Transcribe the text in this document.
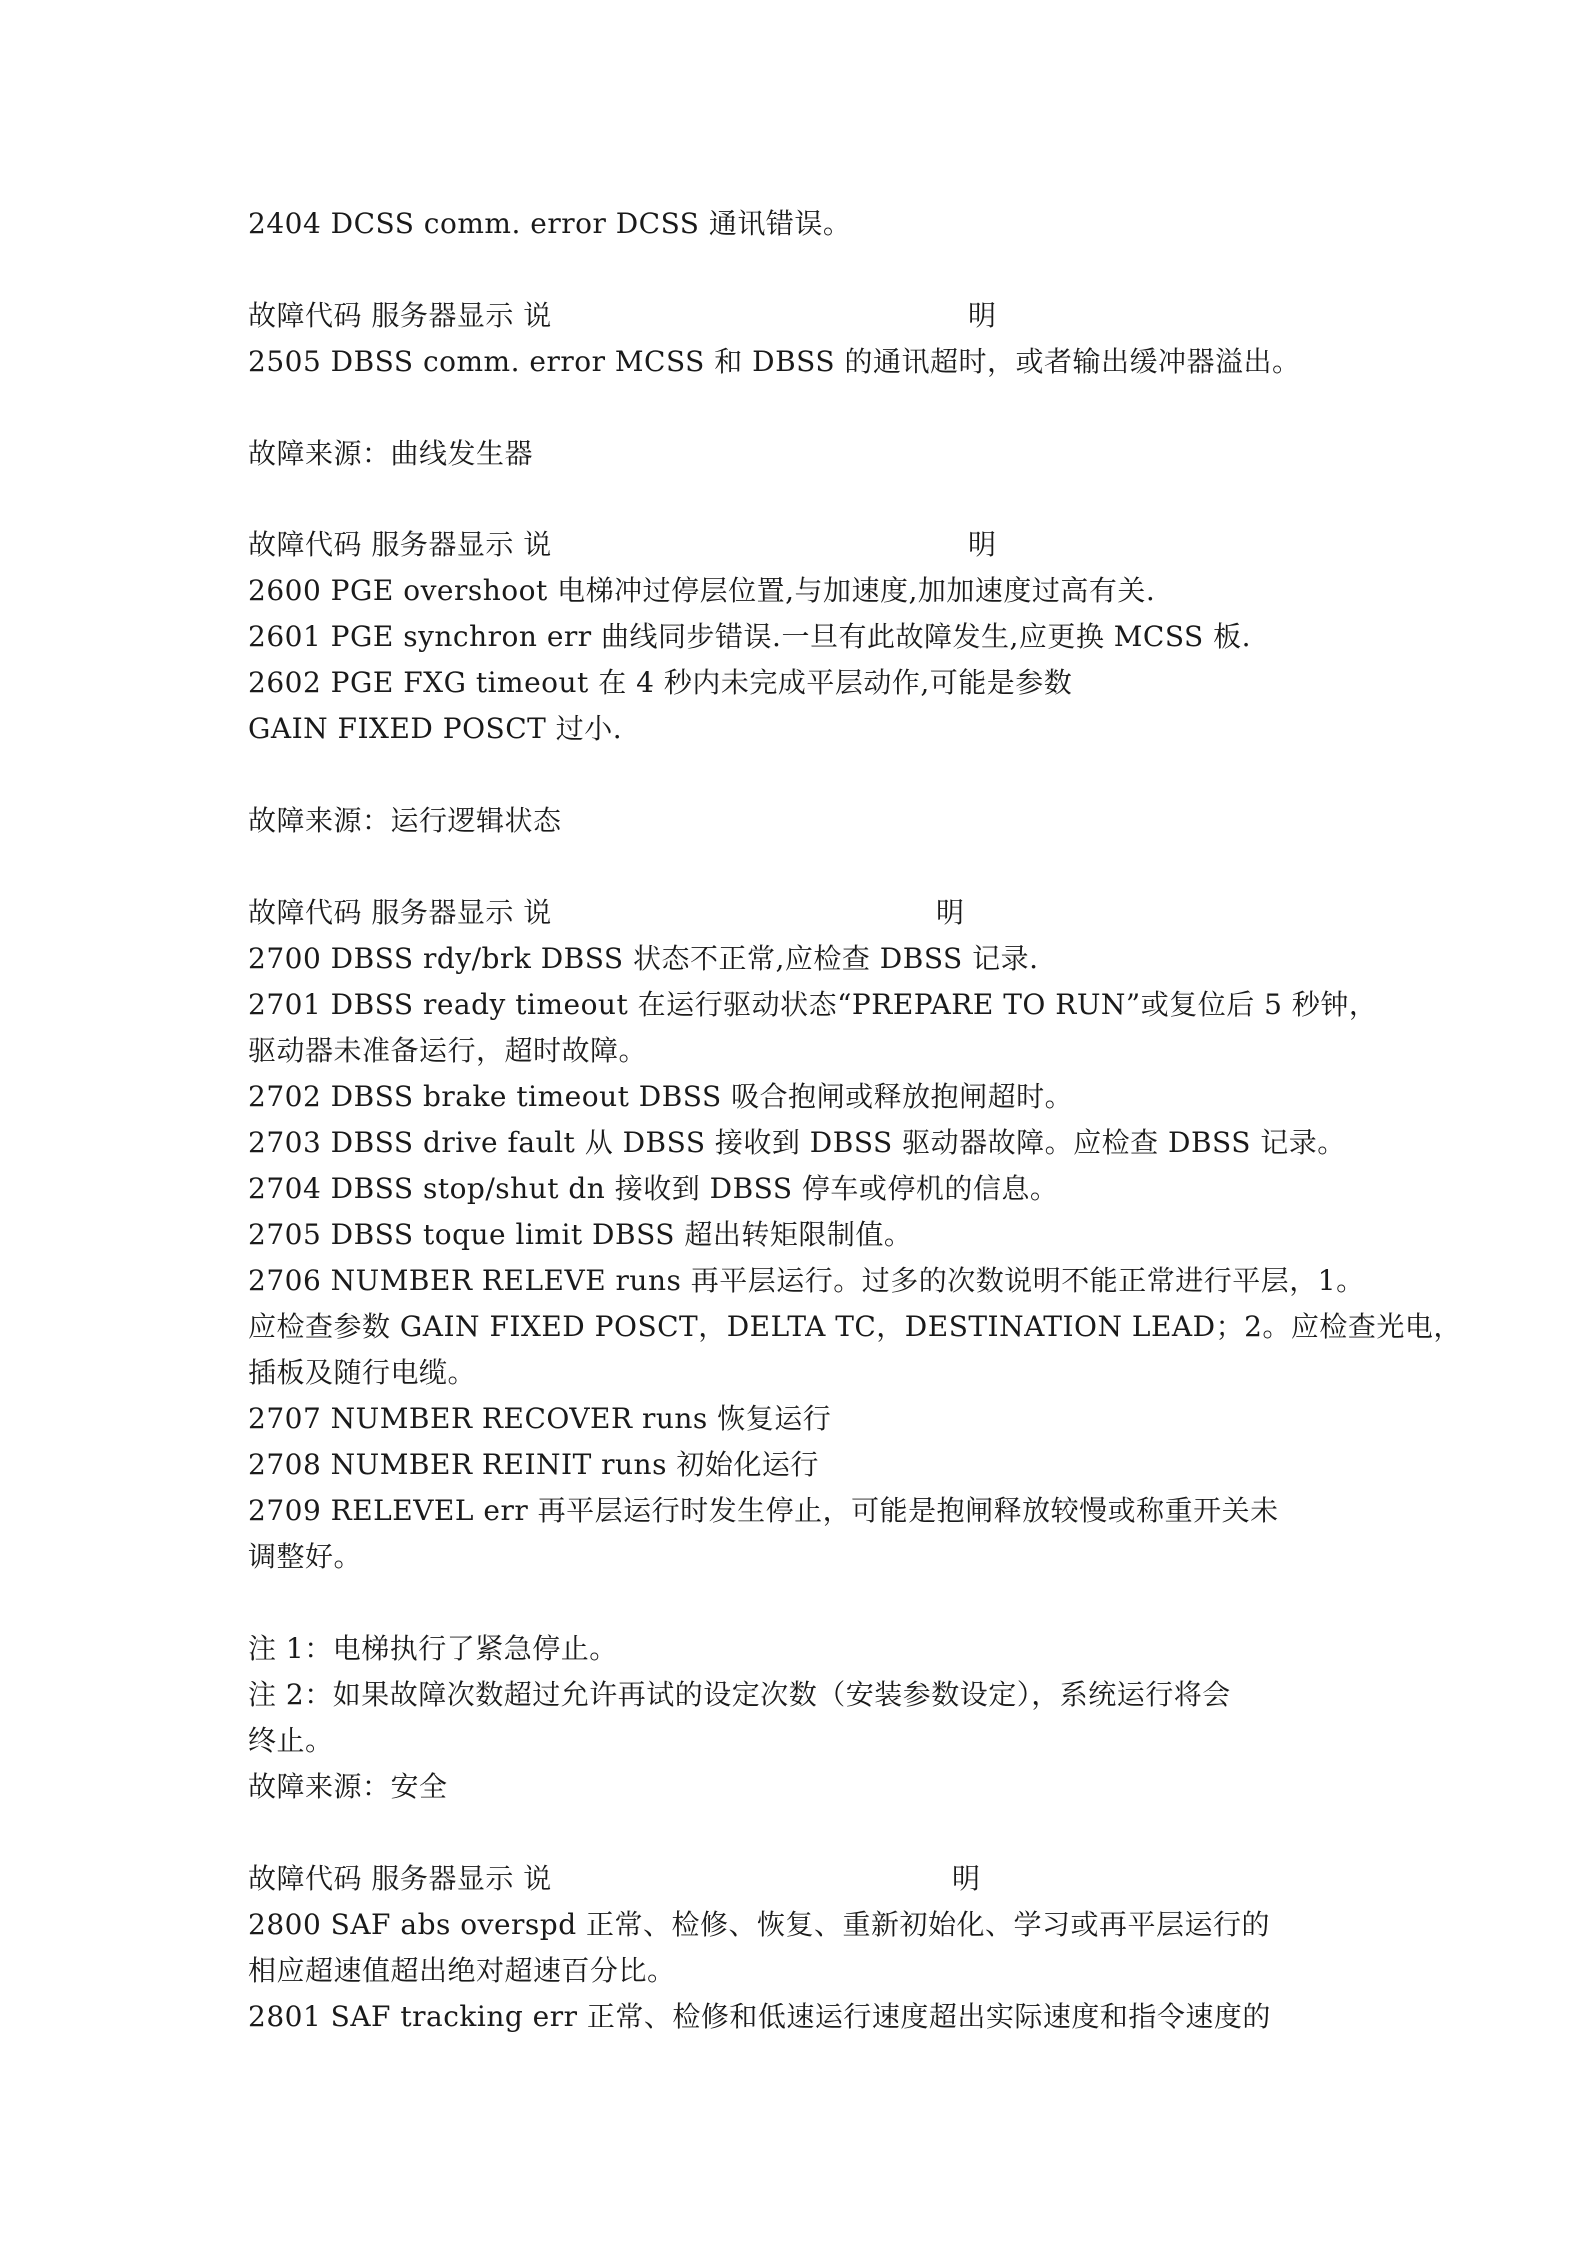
2404 DCSS comm. error DCSS 通讯错误。
故障代码 服务器显示 说	明
2505 DBSS comm. error MCSS 和 DBSS 的通讯超时，或者输出缓冲器溢出。
故障来源：曲线发生器
故障代码 服务器显示 说	明
2600 PGE overshoot 电梯冲过停层位置,与加速度,加加速度过高有关.
2601 PGE synchron err 曲线同步错误.一旦有此故障发生,应更换 MCSS 板.
2602 PGE FXG timeout 在 4 秒内未完成平层动作,可能是参数
GAIN FIXED POSCT 过小.
故障来源：运行逻辑状态
故障代码 服务器显示 说	明
2700 DBSS rdy/brk DBSS 状态不正常,应检查 DBSS 记录.
2701 DBSS ready timeout 在运行驱动状态“PREPARE TO RUN”或复位后 5 秒钟，
驱动器未准备运行，超时故障。
2702 DBSS brake timeout DBSS 吸合抱闸或释放抱闸超时。
2703 DBSS drive fault 从 DBSS 接收到 DBSS 驱动器故障。应检查 DBSS 记录。
2704 DBSS stop/shut dn 接收到 DBSS 停车或停机的信息。
2705 DBSS toque limit DBSS 超出转矩限制值。
2706 NUMBER RELEVE runs 再平层运行。过多的次数说明不能正常进行平层，1。
应检查参数 GAIN FIXED POSCT，DELTA TC，DESTINATION LEAD；2。应检查光电，
插板及随行电缆。
2707 NUMBER RECOVER runs 恢复运行
2708 NUMBER REINIT runs 初始化运行
2709 RELEVEL err 再平层运行时发生停止，可能是抱闸释放较慢或称重开关未
调整好。
注 1：电梯执行了紧急停止。
注 2：如果故障次数超过允许再试的设定次数（安装参数设定），系统运行将会
终止。
故障来源：安全
故障代码 服务器显示 说	明
2800 SAF abs overspd 正常、检修、恢复、重新初始化、学习或再平层运行的
相应超速值超出绝对超速百分比。
2801 SAF tracking err 正常、检修和低速运行速度超出实际速度和指令速度的
